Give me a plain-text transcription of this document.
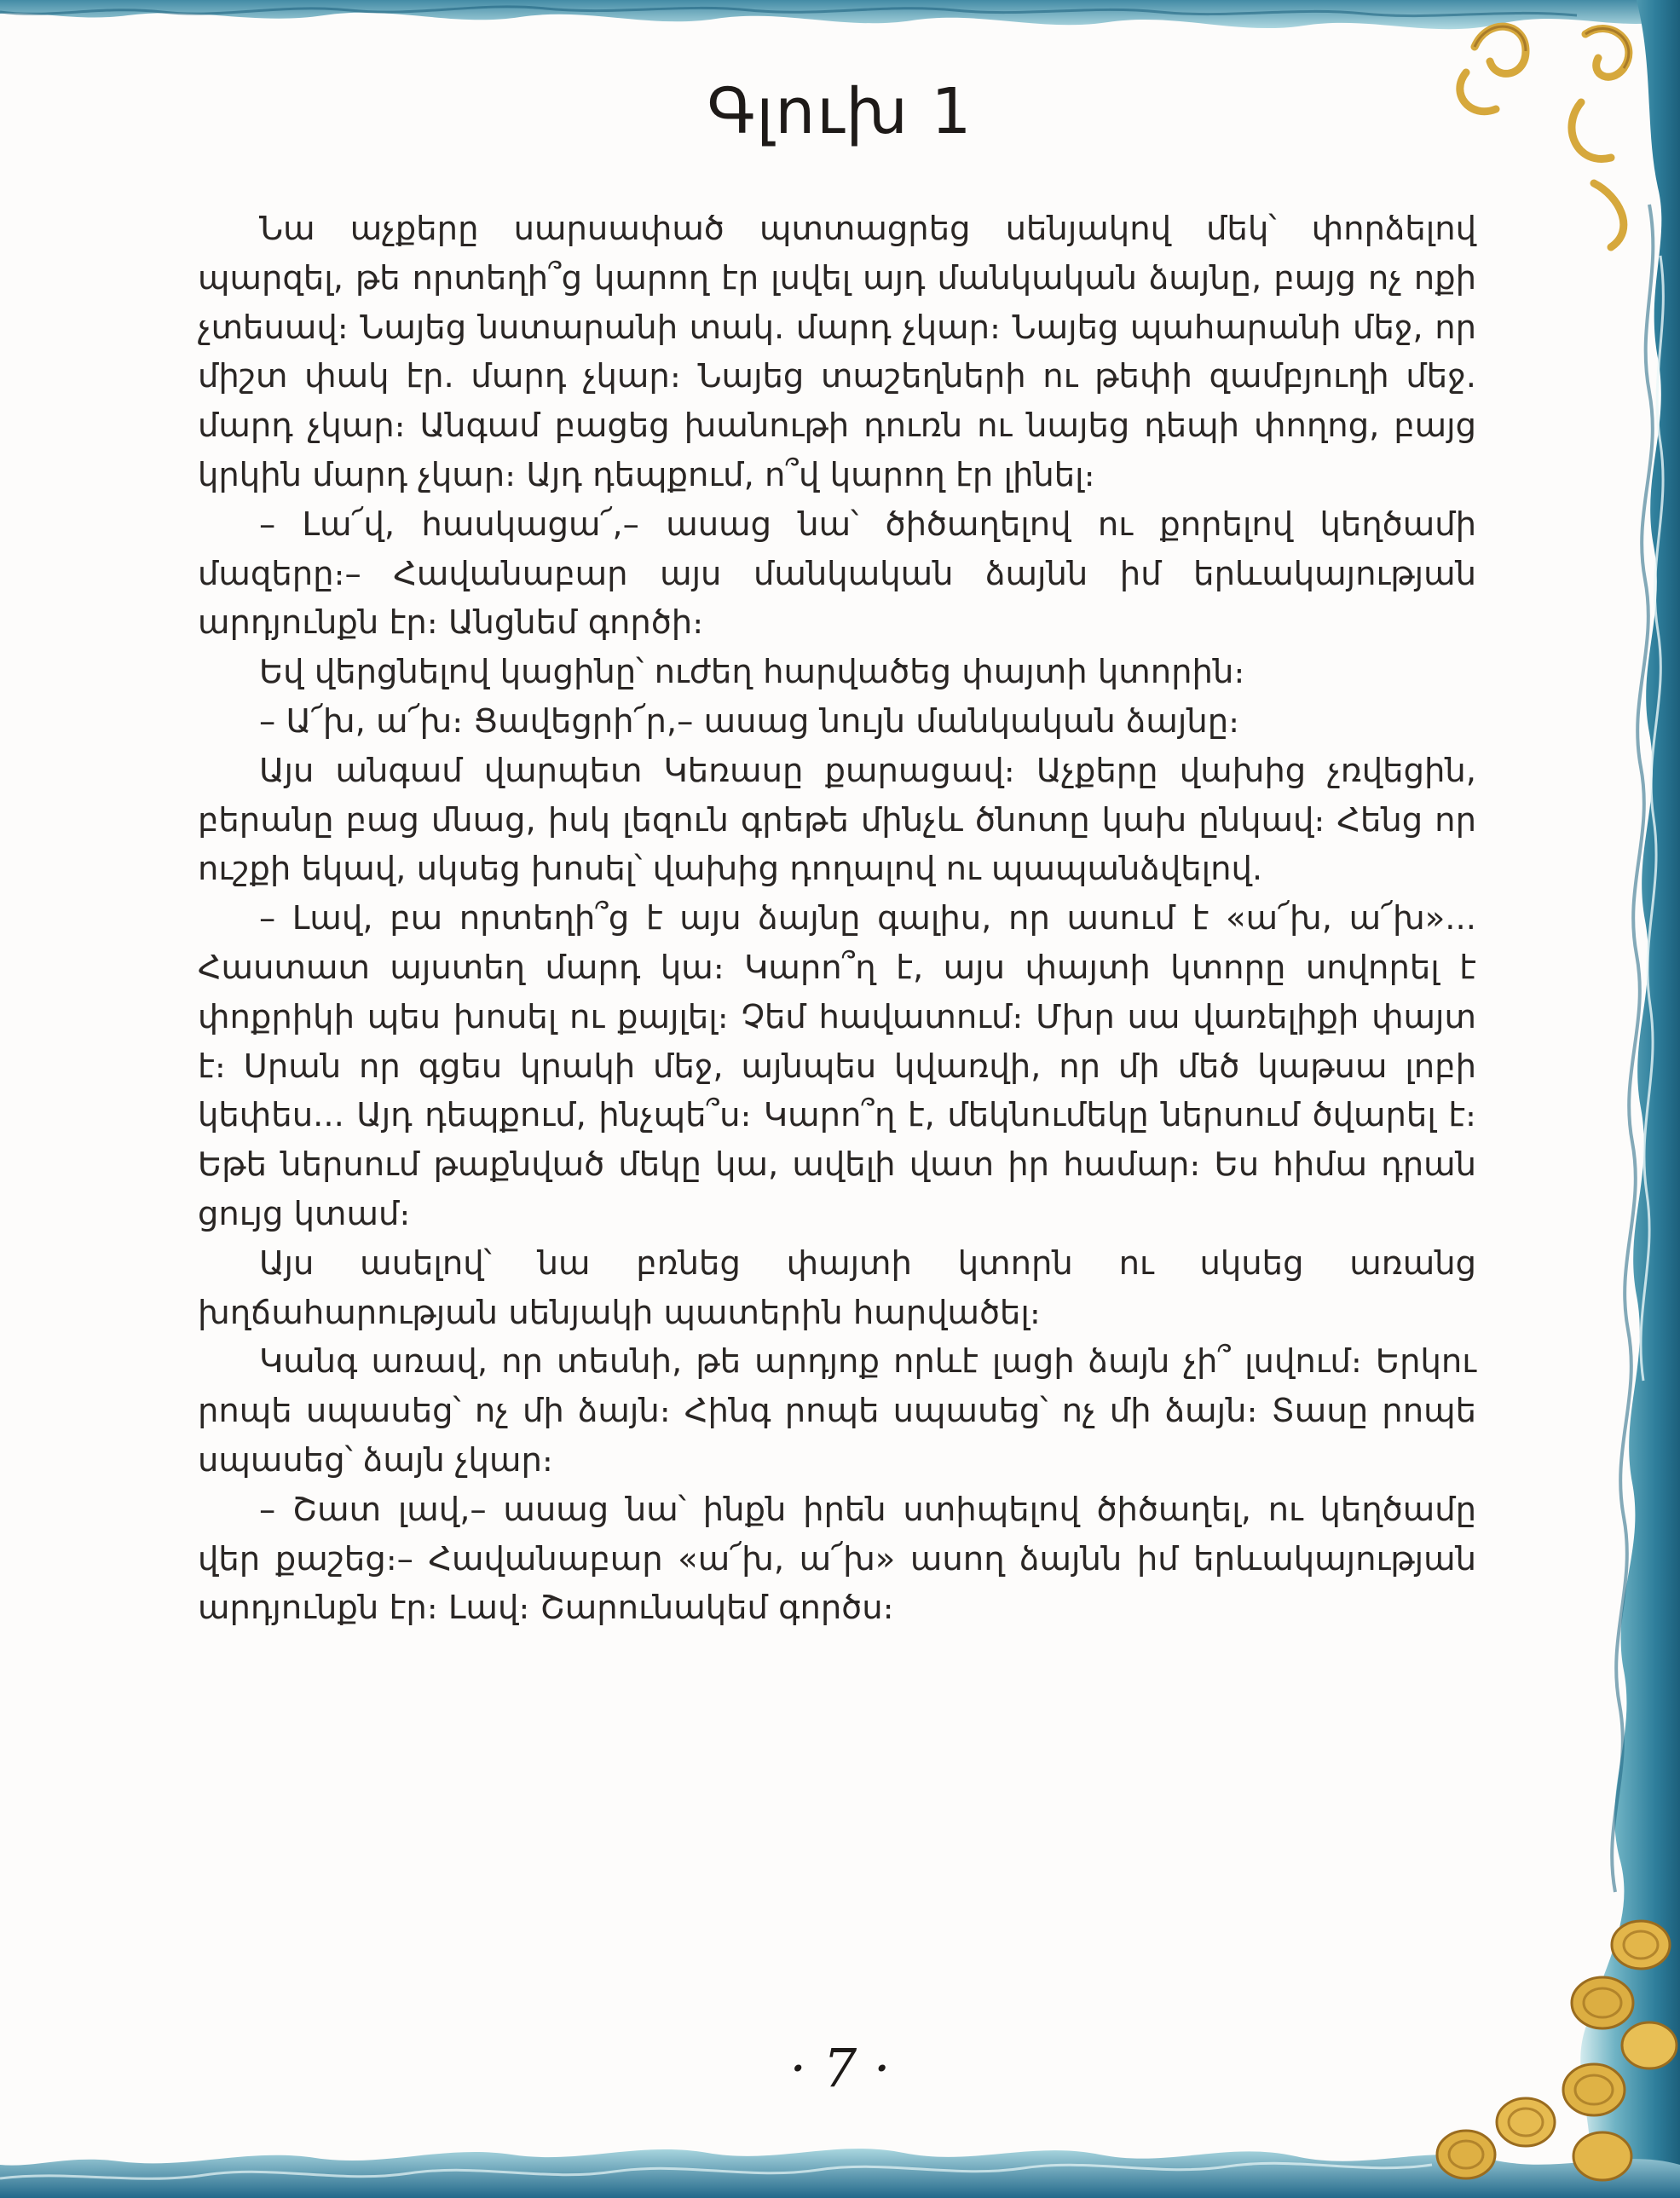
Գլուխ 1

Նա աչքերը սարսափած պտտացրեց սենյակով մեկ՝ փորձելով պարզել, թե որտեղի՞ց կարող էր լսվել այդ մանկական ձայնը, բայց ոչ ոքի չտեսավ։ Նայեց նստարանի տակ. մարդ չկար։ Նայեց պահարանի մեջ, որ միշտ փակ էր. մարդ չկար։ Նայեց տաշեղների ու թեփի զամբյուղի մեջ. մարդ չկար։ Անգամ բացեց խանութի դուռն ու նայեց դեպի փողոց, բայց կրկին մարդ չկար։ Այդ դեպքում, ո՞վ կարող էր լինել։

– Լա՜վ, հասկացա՜,– ասաց նա՝ ծիծաղելով ու քորելով կեղծամի մազերը։– Հավանաբար այս մանկական ձայնն իմ երևակայության արդյունքն էր։ Անցնեմ գործի։

Եվ վերցնելով կացինը՝ ուժեղ հարվածեց փայտի կտորին։

– Ա՜խ, ա՜խ։ Ցավեցրի՜ր,– ասաց նույն մանկական ձայնը։

Այս անգամ վարպետ Կեռասը քարացավ։ Աչքերը վախից չռվեցին, բերանը բաց մնաց, իսկ լեզուն գրեթե մինչև ծնոտը կախ ընկավ։ Հենց որ ուշքի եկավ, սկսեց խոսել՝ վախից դողալով ու պապանձվելով.

– Լավ, բա որտեղի՞ց է այս ձայնը գալիս, որ ասում է «ա՜խ, ա՜խ»... Հաստատ այստեղ մարդ կա։ Կարո՞ղ է, այս փայտի կտորը սովորել է փոքրիկի պես խոսել ու քայլել։ Չեմ հավատում։ Մխր սա վառելիքի փայտ է։ Սրան որ գցես կրակի մեջ, այնպես կվառվի, որ մի մեծ կաթսա լոբի կեփես... Այդ դեպքում, ինչպե՞ս։ Կարո՞ղ է, մեկնումեկը ներսում ծվարել է։ Եթե ներսում թաքնված մեկը կա, ավելի վատ իր համար։ Ես հիմա դրան ցույց կտամ։

Այս ասելով՝ նա բռնեց փայտի կտորն ու սկսեց առանց խղճահարության սենյակի պատերին հարվածել։

Կանգ առավ, որ տեսնի, թե արդյոք որևէ լացի ձայն չի՞ լսվում։ Երկու րոպե սպասեց՝ ոչ մի ձայն։ Հինգ րոպե սպասեց՝ ոչ մի ձայն։ Տասը րոպե սպասեց՝ ձայն չկար։

– Շատ լավ,– ասաց նա՝ ինքն իրեն ստիպելով ծիծաղել, ու կեղծամը վեր քաշեց։– Հավանաբար «ա՜խ, ա՜խ» ասող ձայնն իմ երևակայության արդյունքն էր։ Լավ։ Շարունակեմ գործս։

· 7 ·
